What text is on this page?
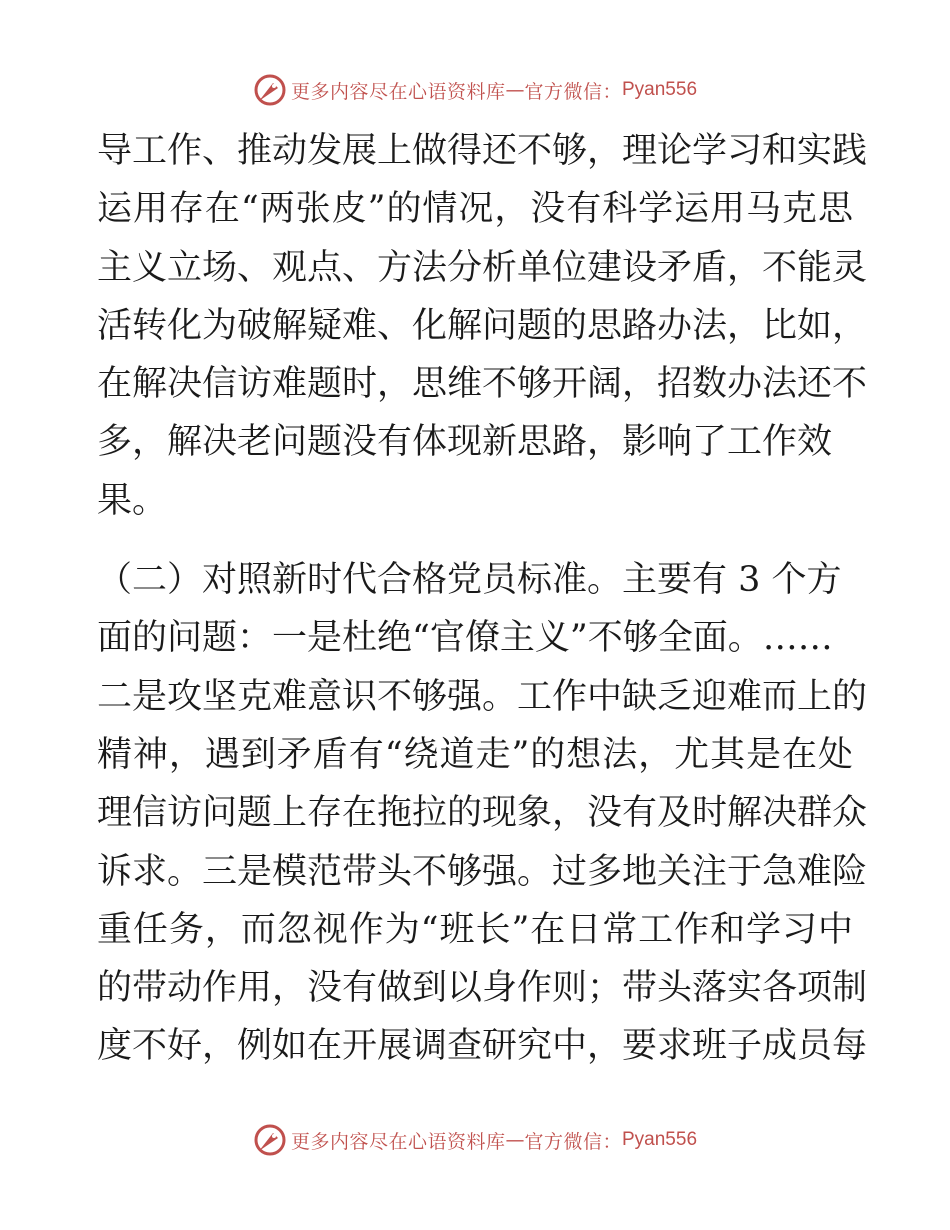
更多内容尽在心语资料库 — 官方微信： Pyan556
导工作、推动发展上做得还不够，理论学习和实践
运用存在“两张皮”的情况，没有科学运用马克思
主义立场、观点、方法分析单位建设矛盾，不能灵
活转化为破解疑难、化解问题的思路办法，比如，
在解决信访难题时，思维不够开阔，招数办法还不
多，解决老问题没有体现新思路，影响了工作效
果。
（二）对照新时代合格党员标准。主要有 3 个方
面的问题：一是杜绝“官僚主义”不够全面。……
二是攻坚克难意识不够强。工作中缺乏迎难而上的
精神，遇到矛盾有“绕道走”的想法，尤其是在处
理信访问题上存在拖拉的现象，没有及时解决群众
诉求。三是模范带头不够强。过多地关注于急难险
重任务，而忽视作为“班长”在日常工作和学习中
的带动作用，没有做到以身作则；带头落实各项制
度不好，例如在开展调查研究中，要求班子成员每
更多内容尽在心语资料库 — 官方微信： Pyan556
